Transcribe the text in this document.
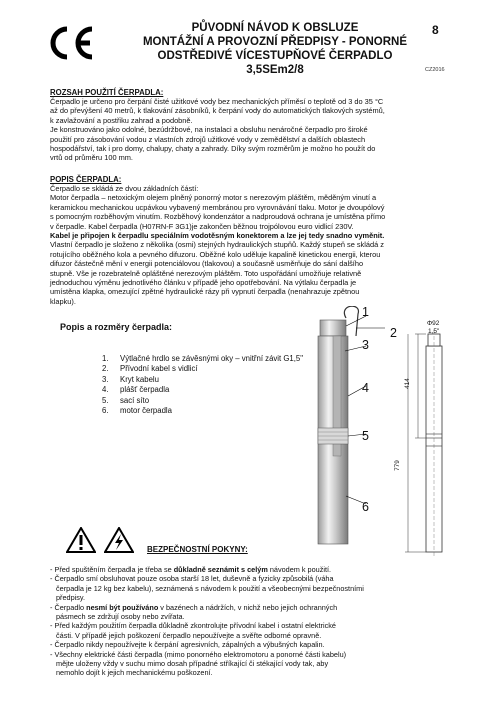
PŮVODNÍ NÁVOD K OBSLUZE
MONTÁŽNÍ A PROVOZNÍ PŘEDPISY - PONORNÉ
ODSTŘEDIVÉ VÍCESTUPŇOVÉ ČERPADLO
3,5SEm2/8
8
CZ2016
ROZSAH POUŽITÍ ČERPADLA:
Čerpadlo je určeno pro čerpání čisté užitkové vody bez mechanických příměsí o teplotě od 3 do 35 °C
až do převýšení 40 metrů, k tlakování zásobníků, k čerpání vody do automatických tlakových systémů,
k zavlažování a postřiku zahrad a podobně.
Je konstruováno jako odolné, bezúdržbové, na instalaci a obsluhu nenáročné čerpadlo pro široké
použití pro zásobování vodou z vlastních zdrojů užitkové vody v zemědělství a dalších oblastech
hospodářství, tak i pro domy, chalupy, chaty a zahrady. Díky svým rozměrům je možno ho použít do
vrtů od průměru 100 mm.
POPIS ČERPADLA:
Čerpadlo se skládá ze dvou základních částí:
Motor čerpadla – netoxickým olejem plněný ponorný motor s nerezovým pláštěm, měděným vinutí a
keramickou mechanickou ucpávkou vybavený membránou pro vyrovnávání tlaku. Motor je dvoupólový
s pomocným rozběhovým vinutím. Rozběhový kondenzátor a nadproudová ochrana je umístěna přímo
v čerpadle. Kabel čerpadla (H07RN-F 3G1)je zakončen běžnou trojpólovou euro vidlicí 230V.
Kabel je připojen k čerpadlu speciálním vodotěsným konektorem a lze jej tedy snadno vyměnit.
Vlastní čerpadlo je složeno z několika (osmi) stejných hydraulických stupňů. Každý stupeň se skládá z
rotujícího oběžného kola a pevného difuzoru. Oběžné kolo uděluje kapalině kinetickou energii, kterou
difuzor částečně mění v energii potenciálovou (tlakovou) a současně usměrňuje do sání dalšího
stupně. Vše je rozebratelně opláštěné nerezovým pláštěm. Toto uspořádání umožňuje relativně
jednoduchou výměnu jednotlivého článku v případě jeho opotřebování. Na výtlaku čerpadla je
umístěna klapka, omezující zpětné hydraulické rázy při vypnutí čerpadla (nenahrazuje zpětnou
klapku).
Popis a rozměry čerpadla:
1.	Výtlačné hrdlo se závěsnými oky – vnitřní závit G1,5"
2.	Přívodní kabel s vidlicí
3.	Kryt kabelu
4.	plášť čerpadla
5.	sací síto
6.	motor čerpadla
1
2
3
4
5
6
Φ92
1,5"
414
779
BEZPEČNOSTNÍ POKYNY:
- Před spuštěním čerpadla je třeba se důkladně seznámit s celým návodem k použití.
- Čerpadlo smí obsluhovat pouze osoba starší 18 let, duševně a fyzicky způsobilá (váha
čerpadla je 12 kg bez kabelu), seznámená s návodem k použití a všeobecnými bezpečnostními
předpisy.
- Čerpadlo nesmí být používáno v bazénech a nádržích, v nichž nebo jejich ochranných
pásmech se zdržují osoby nebo zvířata.
- Před každým použitím čerpadla důkladně zkontrolujte přívodní kabel i ostatní elektrické
části. V případě jejich poškození čerpadlo nepoužívejte a svěřte odborné opravně.
- Čerpadlo nikdy nepoužívejte k čerpání agresivních, zápalných a výbušných kapalin.
- Všechny elektrické části čerpadla (mimo ponorného elektromotoru a ponorné části kabelu)
mějte uloženy vždy v suchu mimo dosah případné stříkající či stékající vody tak, aby
nemohlo dojít k jejich mechanickému poškození.
